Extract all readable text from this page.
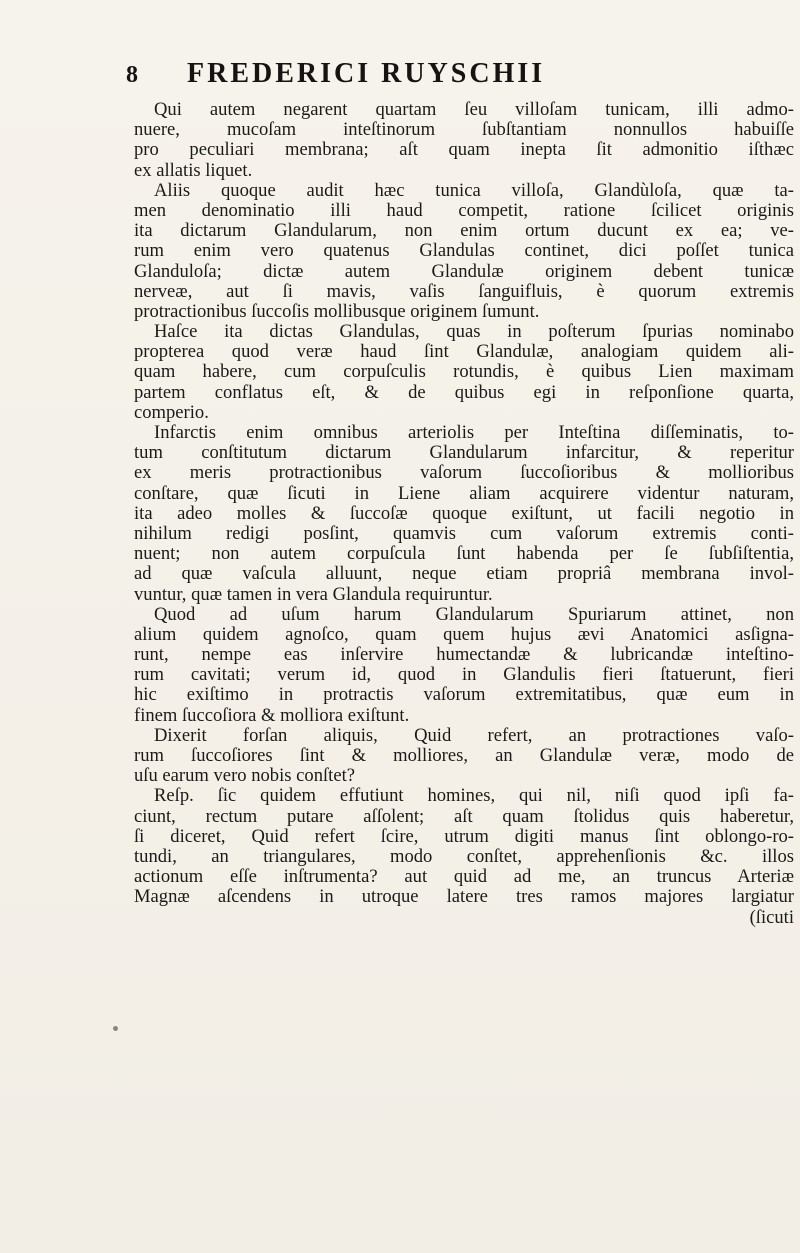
8 FREDERICI RUYSCHII
Qui autem negarent quartam ſeu villoſam tunicam, illi admo-
nuere, mucoſam inteſtinorum ſubſtantiam nonnullos habuiſſe
pro peculiari membrana; aſt quam inepta ſit admonitio iſthæc
ex allatis liquet.
Aliis quoque audit hæc tunica villoſa, Glandùloſa, quæ ta-
men denominatio illi haud competit, ratione ſcilicet originis
ita dictarum Glandularum, non enim ortum ducunt ex ea; ve-
rum enim vero quatenus Glandulas continet, dici poſſet tunica
Glanduloſa; dictæ autem Glandulæ originem debent tunicæ
nerveæ, aut ſi mavis, vaſis ſanguifluis, è quorum extremis
protractionibus ſuccoſis mollibusque originem ſumunt.
Haſce ita dictas Glandulas, quas in poſterum ſpurias nominabo
propterea quod veræ haud ſint Glandulæ, analogiam quidem ali-
quam habere, cum corpuſculis rotundis, è quibus Lien maximam
partem conflatus eſt, & de quibus egi in reſponſione quarta,
comperio.
Infarctis enim omnibus arteriolis per Inteſtina diſſeminatis, to-
tum conſtitutum dictarum Glandularum infarcitur, & reperitur
ex meris protractionibus vaſorum ſuccoſioribus & mollioribus
conſtare, quæ ſicuti in Liene aliam acquirere videntur naturam,
ita adeo molles & ſuccoſæ quoque exiſtunt, ut facili negotio in
nihilum redigi posſint, quamvis cum vaſorum extremis conti-
nuent; non autem corpuſcula ſunt habenda per ſe ſubſiſtentia,
ad quæ vaſcula alluunt, neque etiam propriâ membrana invol-
vuntur, quæ tamen in vera Glandula requiruntur.
Quod ad uſum harum Glandularum Spuriarum attinet, non
alium quidem agnoſco, quam quem hujus ævi Anatomici asſigna-
runt, nempe eas inſervire humectandæ & lubricandæ inteſtino-
rum cavitati; verum id, quod in Glandulis fieri ſtatuerunt, fieri
hic exiſtimo in protractis vaſorum extremitatibus, quæ eum in
finem ſuccoſiora & molliora exiſtunt.
Dixerit forſan aliquis, Quid refert, an protractiones vaſo-
rum ſuccoſiores ſint & molliores, an Glandulæ veræ, modo de
uſu earum vero nobis conſtet?
Reſp. ſic quidem effutiunt homines, qui nil, niſi quod ipſi fa-
ciunt, rectum putare aſſolent; aſt quam ſtolidus quis haberetur,
ſi diceret, Quid refert ſcire, utrum digiti manus ſint oblongo-ro-
tundi, an triangulares, modo conſtet, apprehenſionis &c. illos
actionum eſſe inſtrumenta? aut quid ad me, an truncus Arteriæ
Magnæ aſcendens in utroque latere tres ramos majores largiatur
(ſicuti
